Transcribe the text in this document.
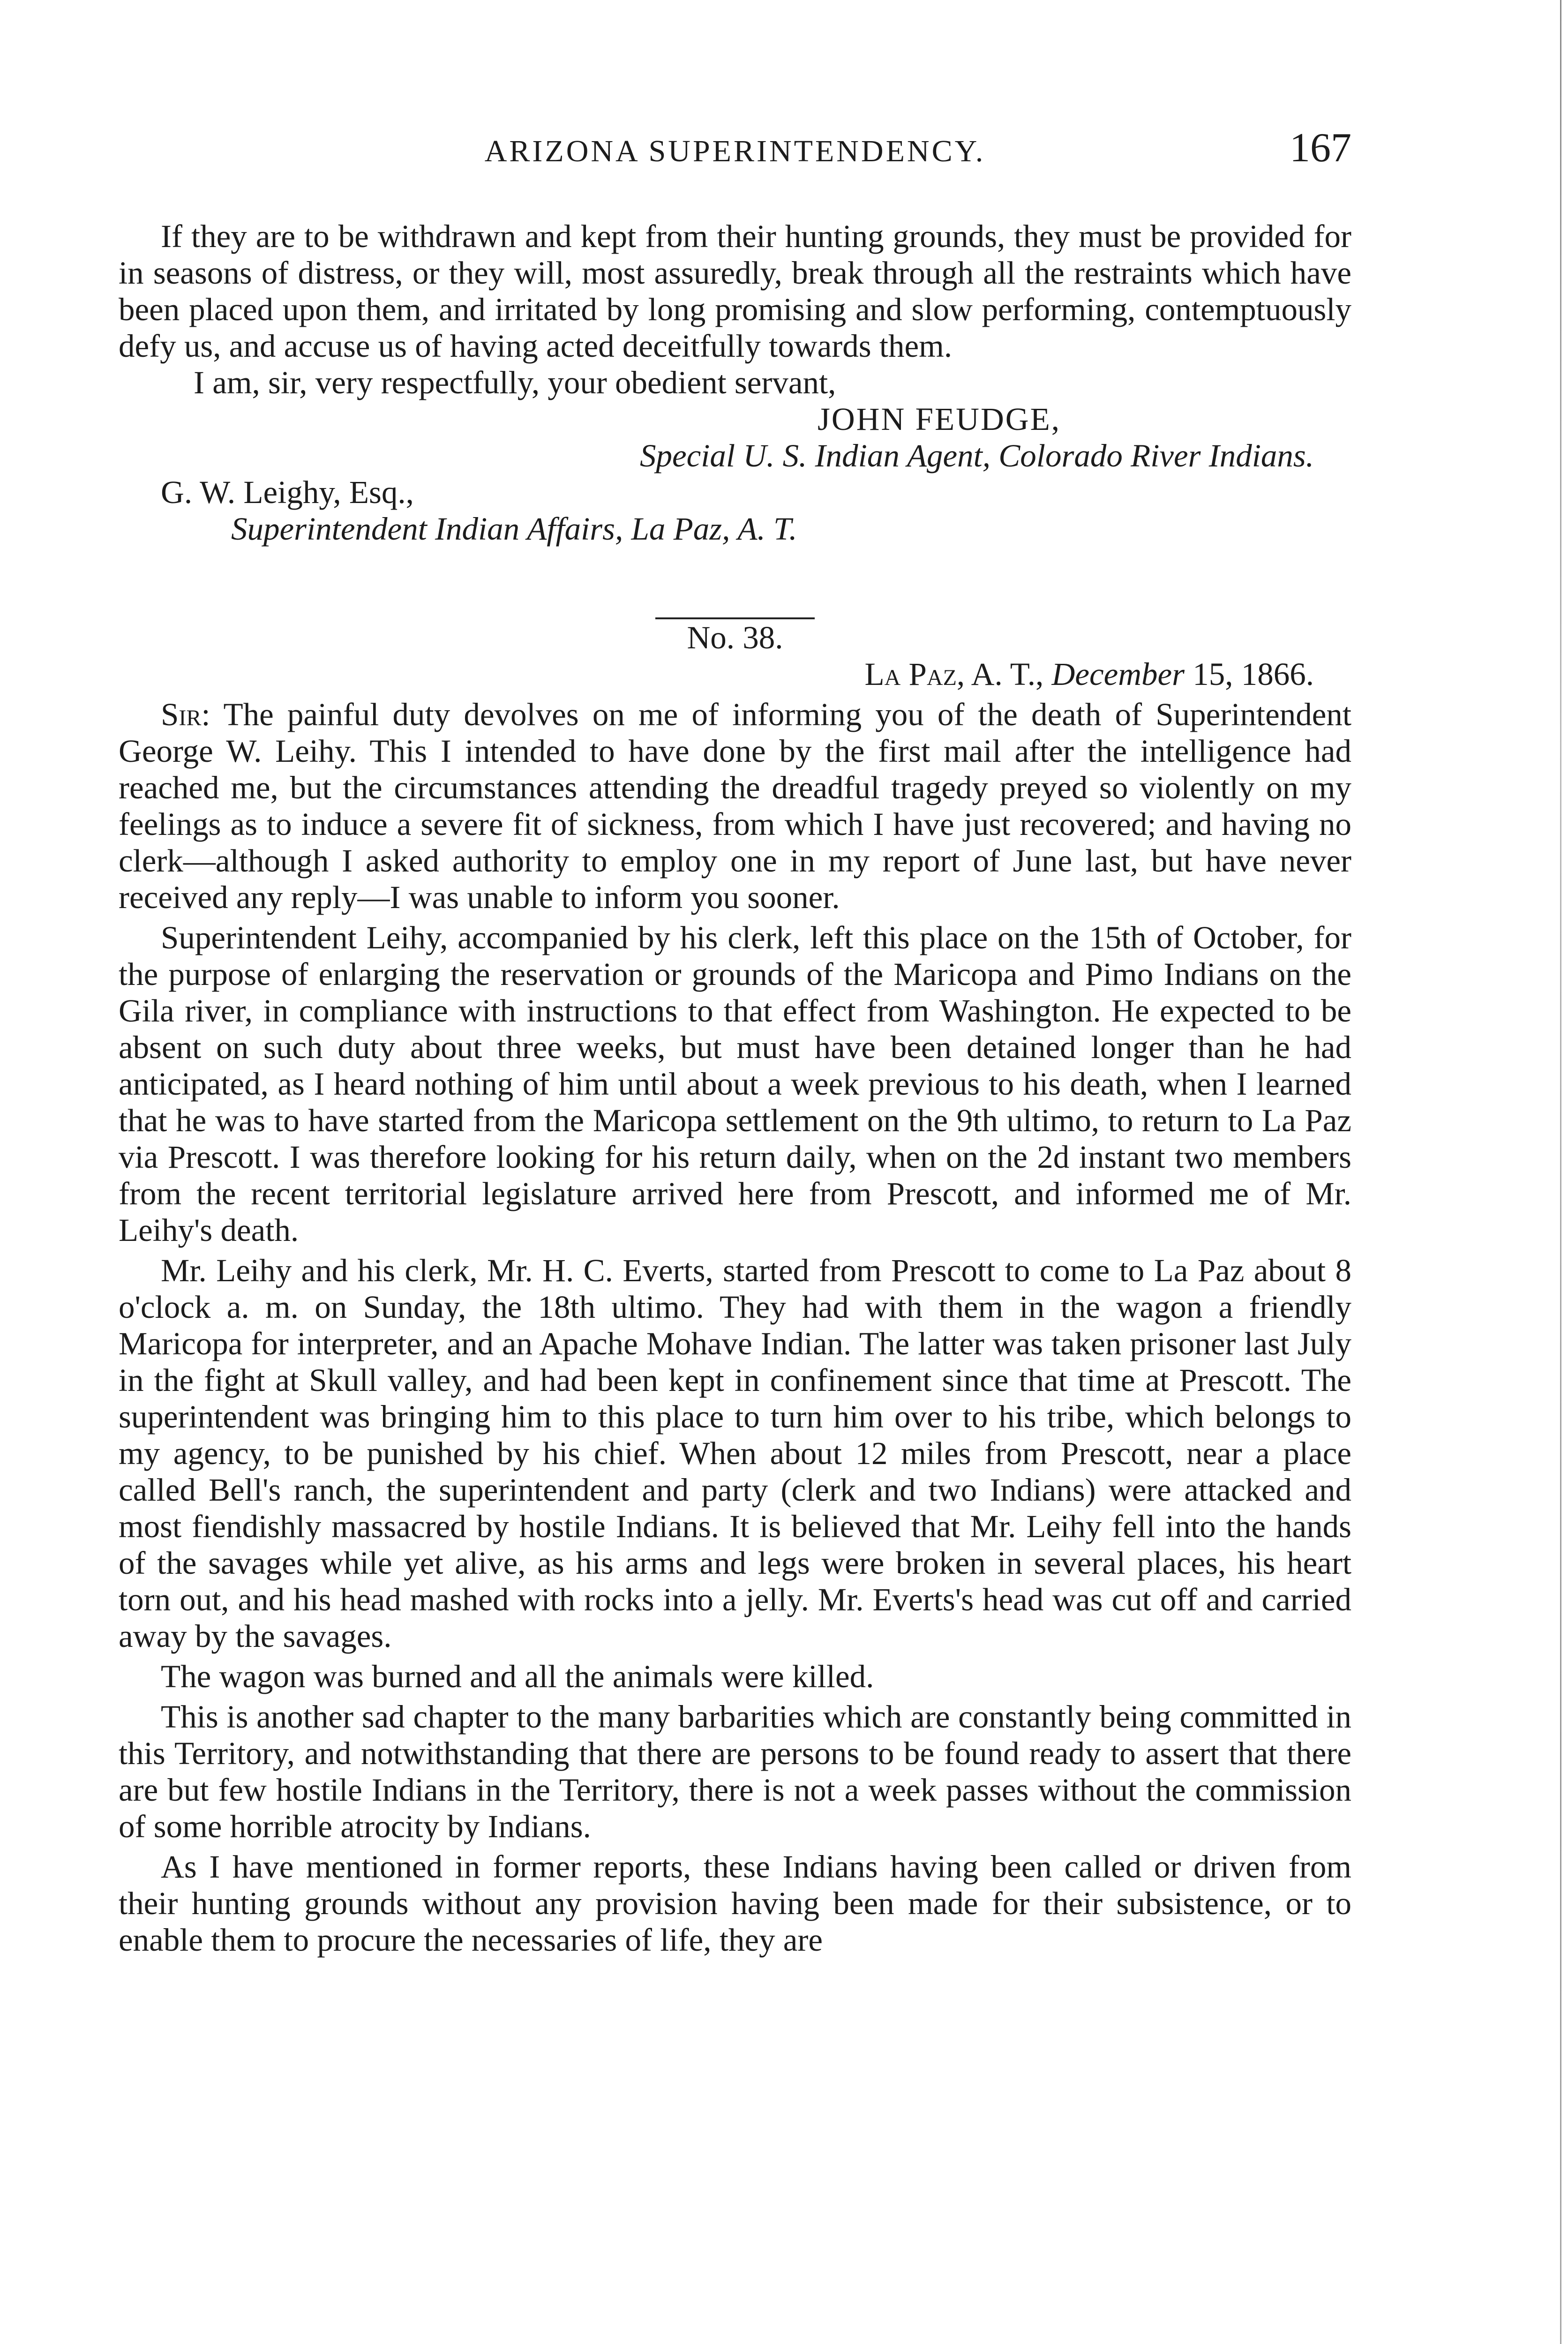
ARIZONA SUPERINTENDENCY.	167

If they are to be withdrawn and kept from their hunting grounds, they must be provided for in seasons of distress, or they will, most assuredly, break through all the restraints which have been placed upon them, and irritated by long promising and slow performing, contemptuously defy us, and accuse us of having acted deceitfully towards them.

I am, sir, very respectfully, your obedient servant,

JOHN FEUDGE,

Special U. S. Indian Agent, Colorado River Indians.

G. W. Leighy, Esq.,

Superintendent Indian Affairs, La Paz, A. T.

No. 38.

La Paz, A. T., December 15, 1866.

Sir: The painful duty devolves on me of informing you of the death of Superintendent George W. Leihy. This I intended to have done by the first mail after the intelligence had reached me, but the circumstances attending the dreadful tragedy preyed so violently on my feelings as to induce a severe fit of sickness, from which I have just recovered; and having no clerk—although I asked authority to employ one in my report of June last, but have never received any reply—I was unable to inform you sooner.

Superintendent Leihy, accompanied by his clerk, left this place on the 15th of October, for the purpose of enlarging the reservation or grounds of the Maricopa and Pimo Indians on the Gila river, in compliance with instructions to that effect from Washington. He expected to be absent on such duty about three weeks, but must have been detained longer than he had anticipated, as I heard nothing of him until about a week previous to his death, when I learned that he was to have started from the Maricopa settlement on the 9th ultimo, to return to La Paz via Prescott. I was therefore looking for his return daily, when on the 2d instant two members from the recent territorial legislature arrived here from Prescott, and informed me of Mr. Leihy's death.

Mr. Leihy and his clerk, Mr. H. C. Everts, started from Prescott to come to La Paz about 8 o'clock a. m. on Sunday, the 18th ultimo. They had with them in the wagon a friendly Maricopa for interpreter, and an Apache Mohave Indian. The latter was taken prisoner last July in the fight at Skull valley, and had been kept in confinement since that time at Prescott. The superintendent was bringing him to this place to turn him over to his tribe, which belongs to my agency, to be punished by his chief. When about 12 miles from Prescott, near a place called Bell's ranch, the superintendent and party (clerk and two Indians) were attacked and most fiendishly massacred by hostile Indians. It is believed that Mr. Leihy fell into the hands of the savages while yet alive, as his arms and legs were broken in several places, his heart torn out, and his head mashed with rocks into a jelly. Mr. Everts's head was cut off and carried away by the savages.

The wagon was burned and all the animals were killed.

This is another sad chapter to the many barbarities which are constantly being committed in this Territory, and notwithstanding that there are persons to be found ready to assert that there are but few hostile Indians in the Territory, there is not a week passes without the commission of some horrible atrocity by Indians.

As I have mentioned in former reports, these Indians having been called or driven from their hunting grounds without any provision having been made for their subsistence, or to enable them to procure the necessaries of life, they are
